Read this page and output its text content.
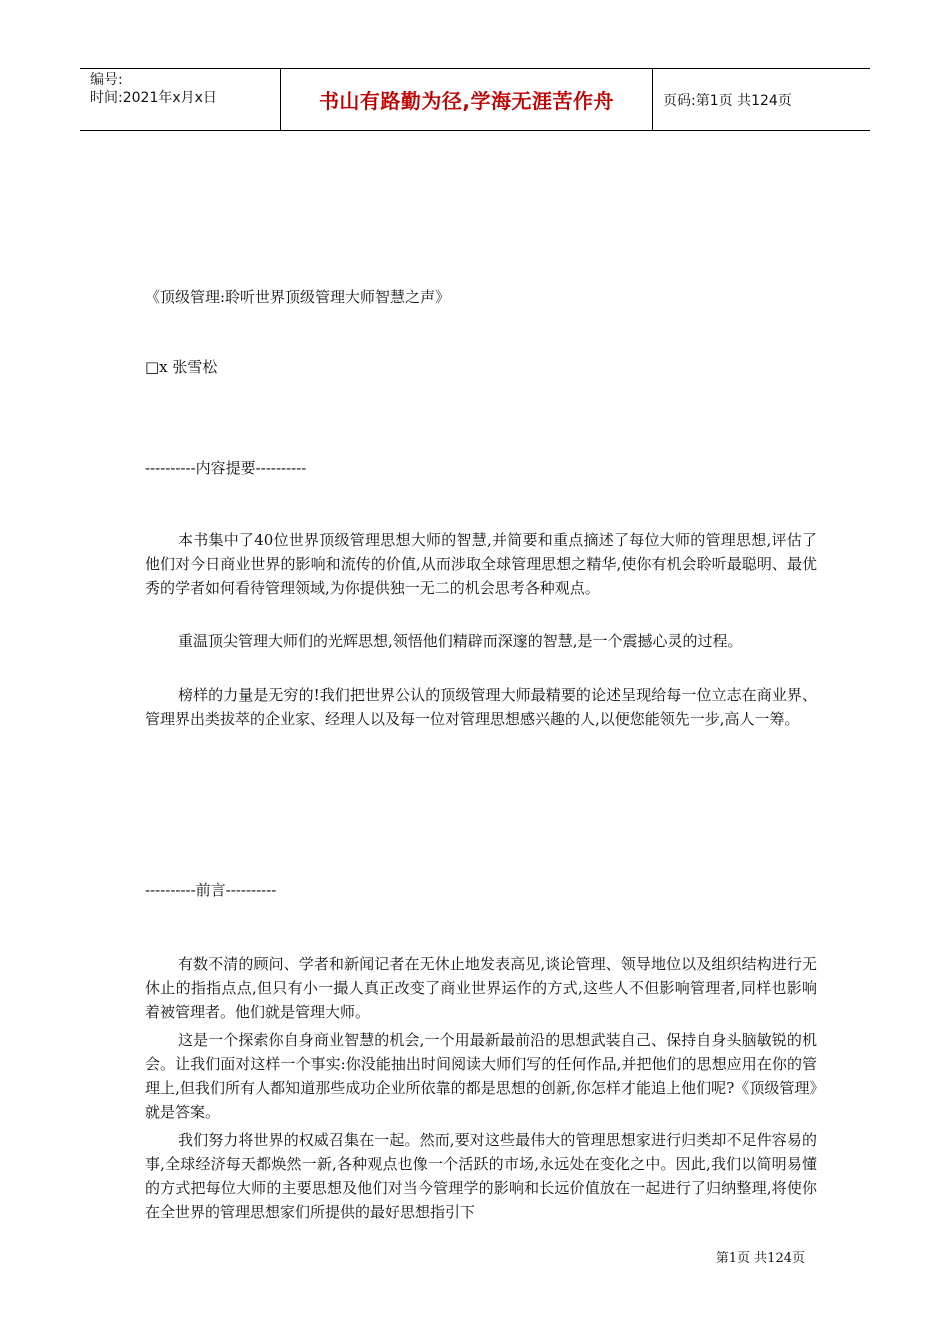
编号:
时间:2021年x月x日	书山有路勤为径,学海无涯苦作舟	页码:第1页 共124页

《顶级管理:聆听世界顶级管理大师智慧之声》

□x 张雪松

----------内容提要----------

本书集中了40位世界顶级管理思想大师的智慧,并简要和重点摘述了每位大师的管理思想,评估了他们对今日商业世界的影响和流传的价值,从而涉取全球管理思想之精华,使你有机会聆听最聪明、最优秀的学者如何看待管理领域,为你提供独一无二的机会思考各种观点。

重温顶尖管理大师们的光辉思想,领悟他们精辟而深邃的智慧,是一个震撼心灵的过程。

榜样的力量是无穷的!我们把世界公认的顶级管理大师最精要的论述呈现给每一位立志在商业界、管理界出类拔萃的企业家、经理人以及每一位对管理思想感兴趣的人,以便您能领先一步,高人一筹。

----------前言----------

有数不清的顾问、学者和新闻记者在无休止地发表高见,谈论管理、领导地位以及组织结构进行无休止的指指点点,但只有小一撮人真正改变了商业世界运作的方式,这些人不但影响管理者,同样也影响着被管理者。他们就是管理大师。

这是一个探索你自身商业智慧的机会,一个用最新最前沿的思想武装自己、保持自身头脑敏锐的机会。让我们面对这样一个事实:你没能抽出时间阅读大师们写的任何作品,并把他们的思想应用在你的管理上,但我们所有人都知道那些成功企业所依靠的都是思想的创新,你怎样才能追上他们呢?《顶级管理》就是答案。

我们努力将世界的权威召集在一起。然而,要对这些最伟大的管理思想家进行归类却不足件容易的事,全球经济每天都焕然一新,各种观点也像一个活跃的市场,永远处在变化之中。因此,我们以简明易懂的方式把每位大师的主要思想及他们对当今管理学的影响和长远价值放在一起进行了归纳整理,将使你在全世界的管理思想家们所提供的最好思想指引下

第1页 共124页
